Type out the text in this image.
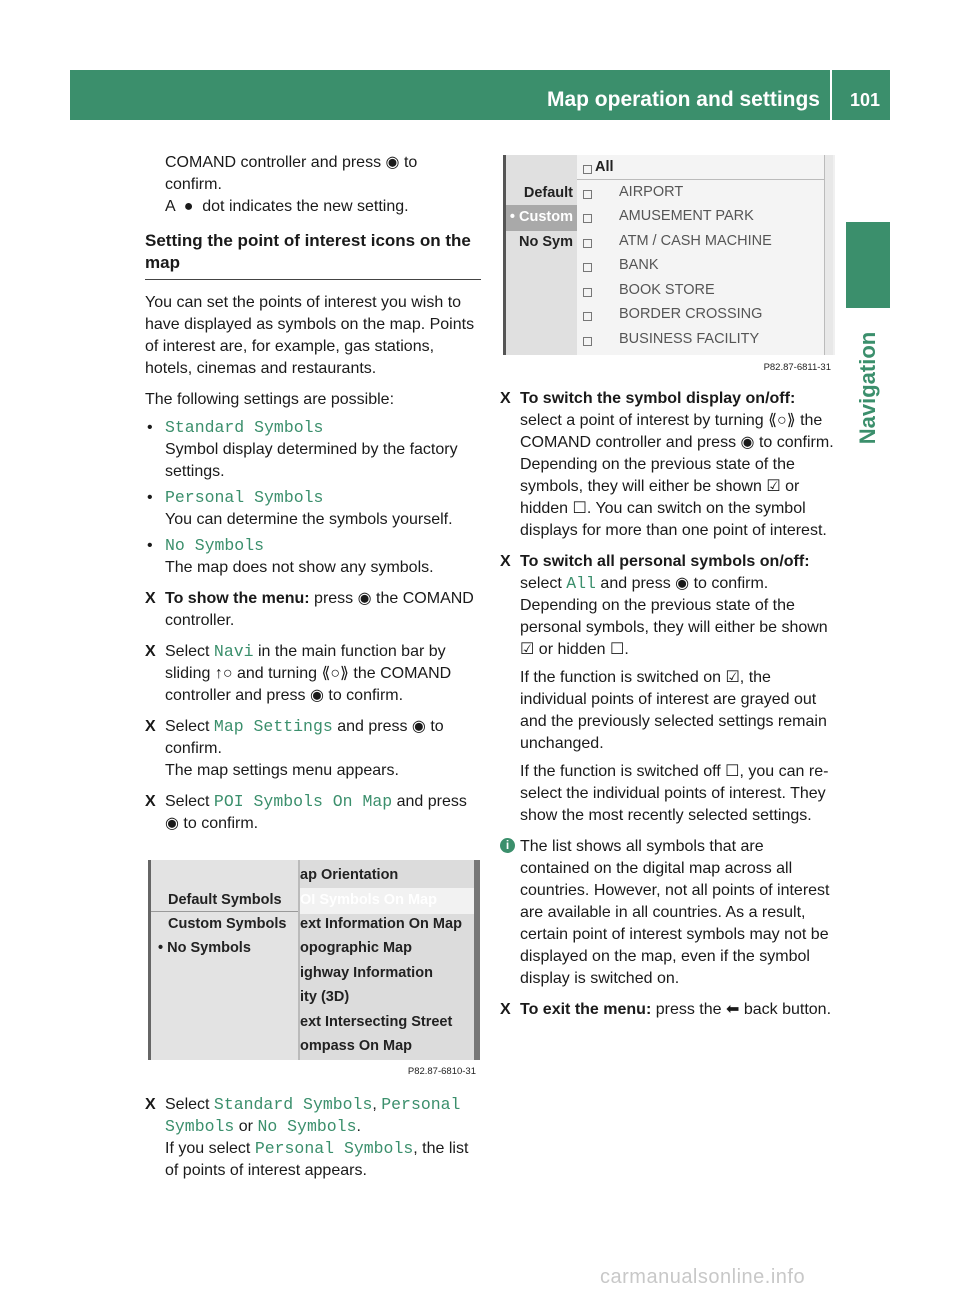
Map operation and settings 101
Navigation

COMAND controller and press ◉ to

confirm.

A ● dot indicates the new setting.

Setting the point of interest icons on the map

You can set the points of interest you wish to have displayed as symbols on the map. Points of interest are, for example, gas stations, hotels, cinemas and restaurants.

The following settings are possible:

• Standard Symbols
Symbol display determined by the factory settings.
• Personal Symbols
You can determine the symbols yourself.
• No Symbols
The map does not show any symbols.
X To show the menu: press ◉ the COMAND controller.
X Select Navi in the main function bar by sliding ↑○ and turning ⟪○⟫ the COMAND controller and press ◉ to confirm.
X Select Map Settings and press ◉ to confirm.
The map settings menu appears.
X Select POI Symbols On Map and press
◉ to confirm.
Default Symbols
Custom Symbols
• No Symbols
ap Orientation
OI Symbols On Map
ext Information On Map
opographic Map
ighway Information
ity (3D)
ext Intersecting Street
ompass On Map
P82.87-6810-31
X Select Standard Symbols, Personal Symbols or No Symbols.
If you select Personal Symbols, the list of points of interest appears.
Default
• Custom
No Sym
All
AIRPORT
AMUSEMENT PARK
ATM / CASH MACHINE
BANK
BOOK STORE
BORDER CROSSING
BUSINESS FACILITY
P82.87-6811-31
X To switch the symbol display on/off:
select a point of interest by turning ⟪○⟫ the COMAND controller and press ◉ to confirm.
Depending on the previous state of the symbols, they will either be shown ☑ or hidden ☐. You can switch on the symbol displays for more than one point of interest.
X To switch all personal symbols on/off:
select All and press ◉ to confirm.
Depending on the previous state of the personal symbols, they will either be shown ☑ or hidden ☐.

If the function is switched on ☑, the individual points of interest are grayed out and the previously selected settings remain unchanged.

If the function is switched off ☐, you can re-select the individual points of interest. They show the most recently selected settings.

i The list shows all symbols that are contained on the digital map across all countries. However, not all points of interest are available in all countries. As a result, certain point of interest symbols may not be displayed on the map, even if the symbol display is switched on.
X To exit the menu: press the ⬅ back button.
carmanualsonline.info
